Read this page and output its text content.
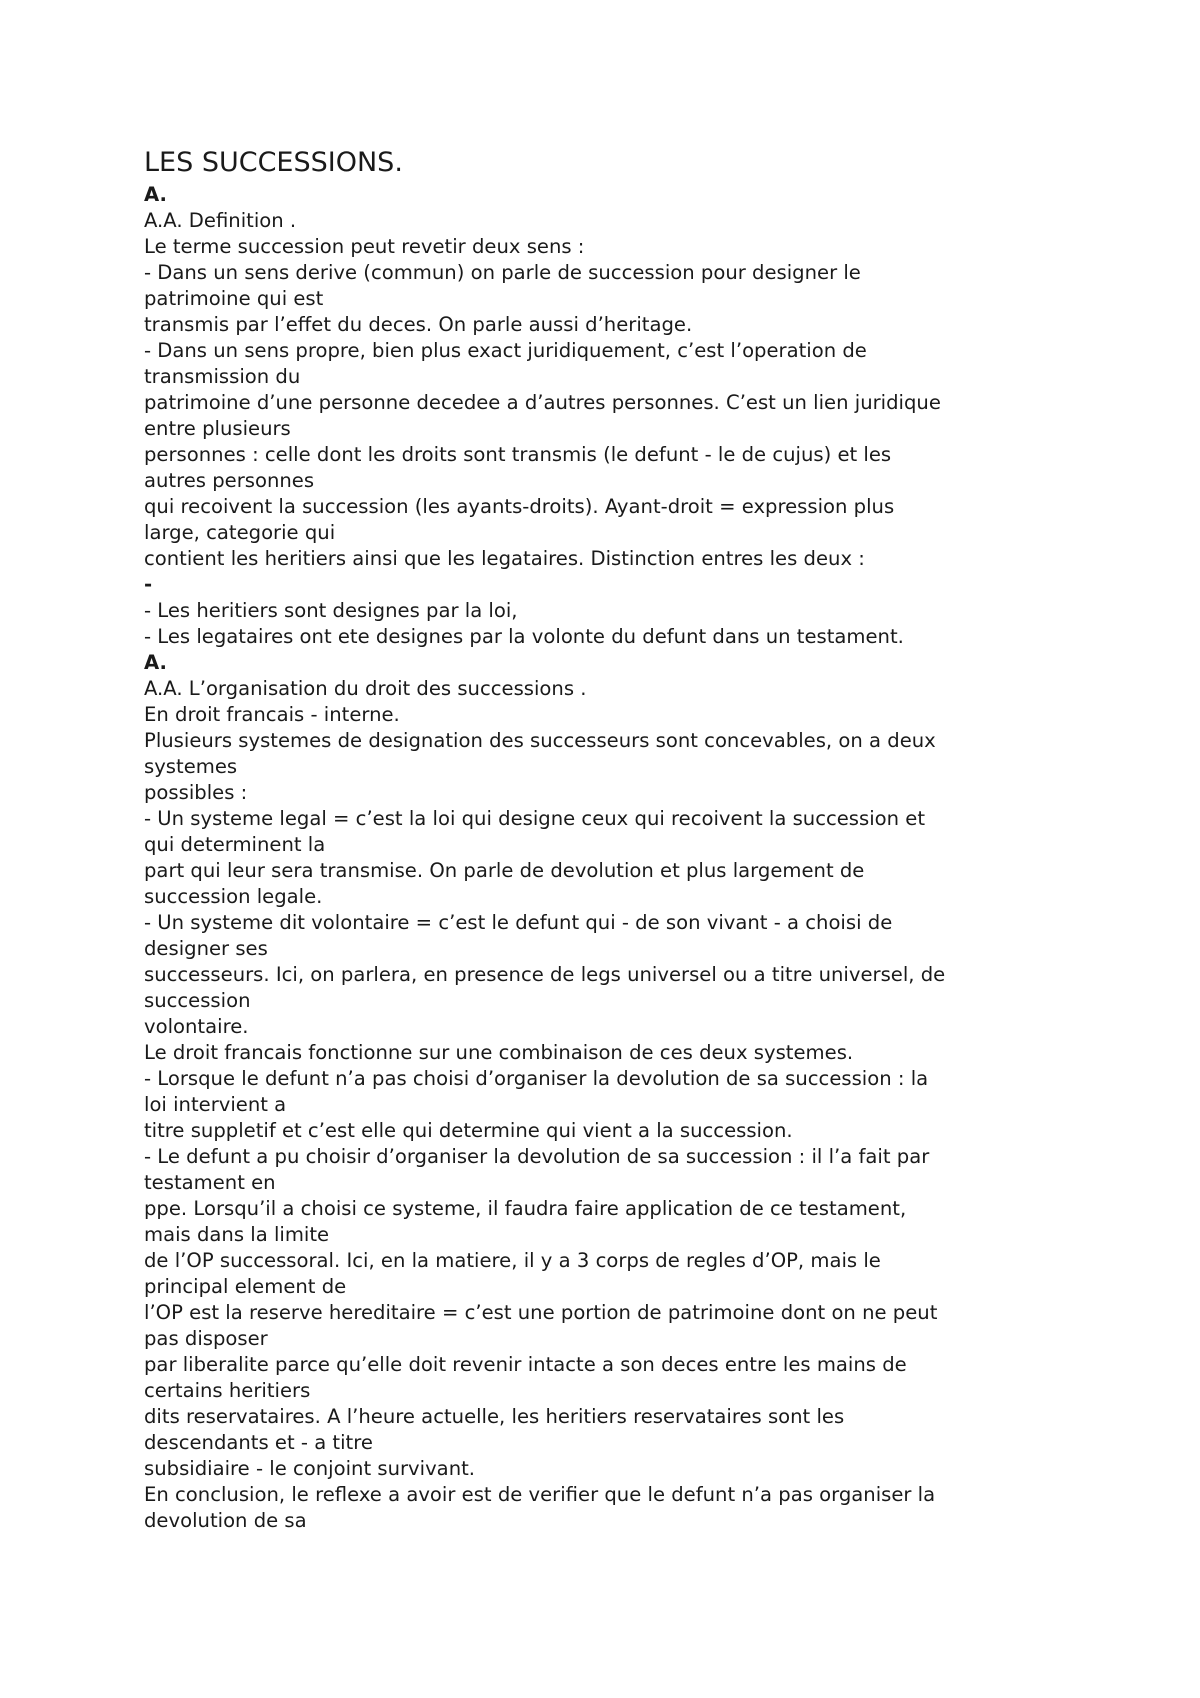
LES SUCCESSIONS.
A.
A.A. Definition .
Le terme succession peut revetir deux sens :
- Dans un sens derive (commun) on parle de succession pour designer le
patrimoine qui est
transmis par l’effet du deces. On parle aussi d’heritage.
- Dans un sens propre, bien plus exact juridiquement, c’est l’operation de
transmission du
patrimoine d’une personne decedee a d’autres personnes. C’est un lien juridique
entre plusieurs
personnes : celle dont les droits sont transmis (le defunt - le de cujus) et les
autres personnes
qui recoivent la succession (les ayants-droits). Ayant-droit = expression plus
large, categorie qui
contient les heritiers ainsi que les legataires. Distinction entres les deux :
-
- Les heritiers sont designes par la loi,
- Les legataires ont ete designes par la volonte du defunt dans un testament.
A.
A.A. L’organisation du droit des successions .
En droit francais - interne.
Plusieurs systemes de designation des successeurs sont concevables, on a deux
systemes
possibles :
- Un systeme legal = c’est la loi qui designe ceux qui recoivent la succession et
qui determinent la
part qui leur sera transmise. On parle de devolution et plus largement de
succession legale.
- Un systeme dit volontaire = c’est le defunt qui - de son vivant - a choisi de
designer ses
successeurs. Ici, on parlera, en presence de legs universel ou a titre universel, de
succession
volontaire.
Le droit francais fonctionne sur une combinaison de ces deux systemes.
- Lorsque le defunt n’a pas choisi d’organiser la devolution de sa succession : la
loi intervient a
titre suppletif et c’est elle qui determine qui vient a la succession.
- Le defunt a pu choisir d’organiser la devolution de sa succession : il l’a fait par
testament en
ppe. Lorsqu’il a choisi ce systeme, il faudra faire application de ce testament,
mais dans la limite
de l’OP successoral. Ici, en la matiere, il y a 3 corps de regles d’OP, mais le
principal element de
l’OP est la reserve hereditaire = c’est une portion de patrimoine dont on ne peut
pas disposer
par liberalite parce qu’elle doit revenir intacte a son deces entre les mains de
certains heritiers
dits reservataires. A l’heure actuelle, les heritiers reservataires sont les
descendants et - a titre
subsidiaire - le conjoint survivant.
En conclusion, le reflexe a avoir est de verifier que le defunt n’a pas organiser la
devolution de sa
